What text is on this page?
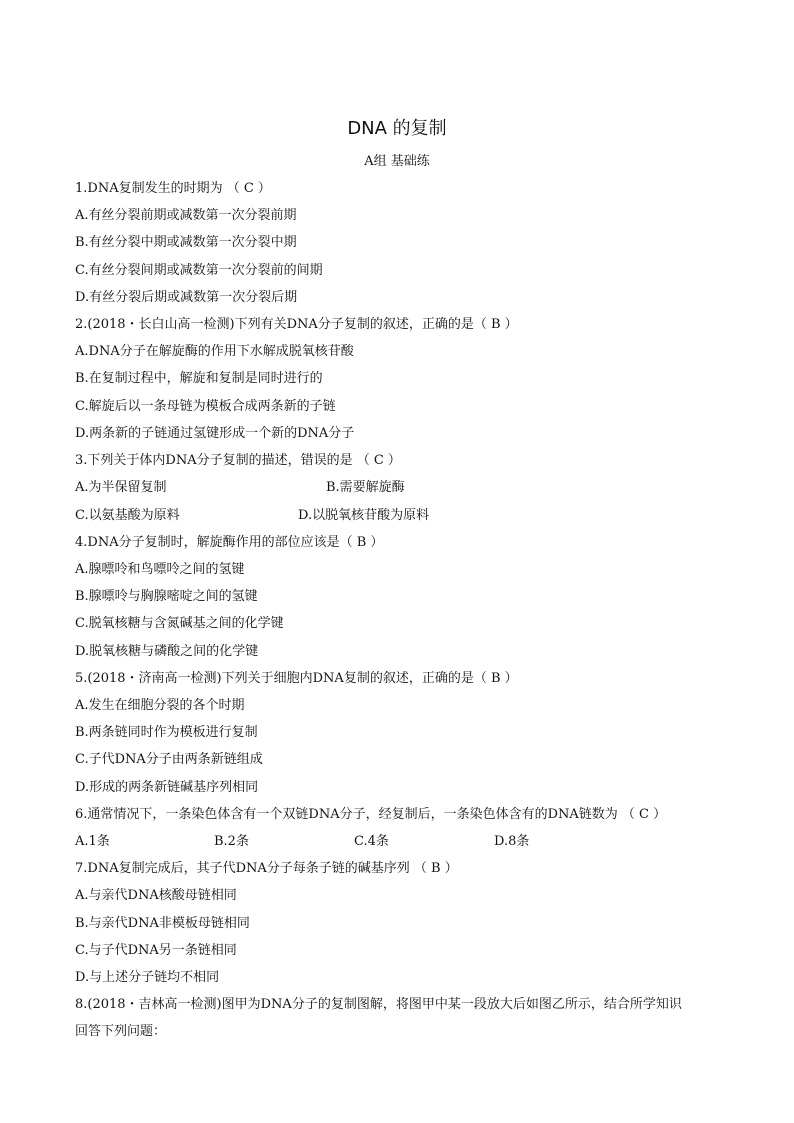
DNA 的复制
A组 基础练
1.DNA复制发生的时期为 （ C ）
A.有丝分裂前期或减数第一次分裂前期
B.有丝分裂中期或减数第一次分裂中期
C.有丝分裂间期或减数第一次分裂前的间期
D.有丝分裂后期或减数第一次分裂后期
2.(2018・长白山高一检测)下列有关DNA分子复制的叙述，正确的是（ B ）
A.DNA分子在解旋酶的作用下水解成脱氧核苷酸
B.在复制过程中，解旋和复制是同时进行的
C.解旋后以一条母链为模板合成两条新的子链
D.两条新的子链通过氢键形成一个新的DNA分子
3.下列关于体内DNA分子复制的描述，错误的是 （ C ）
A.为半保留复制	B.需要解旋酶
C.以氨基酸为原料	D.以脱氧核苷酸为原料
4.DNA分子复制时，解旋酶作用的部位应该是（ B ）
A.腺嘌呤和鸟嘌呤之间的氢键
B.腺嘌呤与胸腺嘧啶之间的氢键
C.脱氧核糖与含氮碱基之间的化学键
D.脱氧核糖与磷酸之间的化学键
5.(2018・济南高一检测)下列关于细胞内DNA复制的叙述，正确的是（ B ）
A.发生在细胞分裂的各个时期
B.两条链同时作为模板进行复制
C.子代DNA分子由两条新链组成
D.形成的两条新链碱基序列相同
6.通常情况下，一条染色体含有一个双链DNA分子，经复制后，一条染色体含有的DNA链数为 （ C ）
A.1条	B.2条	C.4条	D.8条
7.DNA复制完成后，其子代DNA分子每条子链的碱基序列 （ B ）
A.与亲代DNA核酸母链相同
B.与亲代DNA非模板母链相同
C.与子代DNA另一条链相同
D.与上述分子链均不相同
8.(2018・吉林高一检测)图甲为DNA分子的复制图解，将图甲中某一段放大后如图乙所示，结合所学知识
回答下列问题：
